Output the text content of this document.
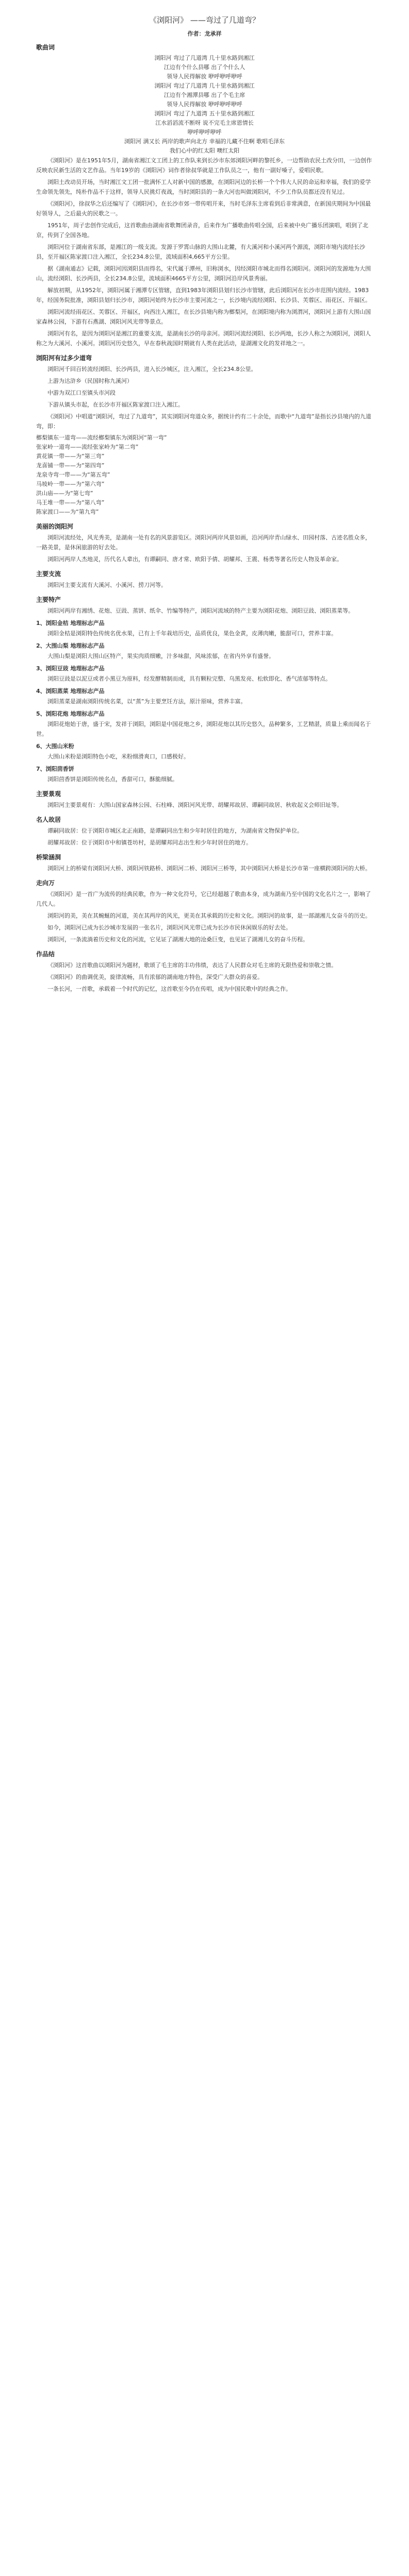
《浏阳河》 ——弯过了几道弯？
作者：龙承祥
歌曲词

浏阳河 弯过了几道湾 几十里水路到湘江

江边有个什么县哪 出了个什么人

领导人民得解放 咿呼咿呼咿呼

浏阳河 弯过了几道湾 几十里水路到湘江

江边有个湘潭县哪 出了个毛主席

领导人民得解放 咿呼咿呼咿呼

浏阳河 弯过了九道湾 五十里水路到湘江

江水滔滔流不断呀 说不完毛主席恩情长

咿呼咿呼咿呼

浏阳河 满又长 两岸的歌声向北方 幸福的儿藏不住啊 歌唱毛泽东

我们心中的红太阳 噢红太阳

《浏阳河》是在1951年5月，湖南省湘江文工团上的工作队来到长沙市东郊浏阳河畔的黎托乡，一边帮助农民土改分田，一边创作反映农民新生活的文艺作品。当年19岁的《浏阳河》词作者徐叔华就是工作队员之一，他有一副好嗓子，爱唱民歌。

浏阳土改动员开场，当时湘江文工团一批满怀工人对新中国的感激，在浏阳河边的长桥一个个伟大人民的命运和幸福，我们的爱学生命领先领先，纯朴作品不于这样，领导人民挑灯夜战，当时浏阳县的一条大河也叫做浏阳河，不少工作队员都还没有见过。

《浏阳河》，徐叔华之后还编写了《浏阳河》，在长沙市郊一带传唱开来，当时毛泽东主席看到后非常满意，在新国庆期间为中国最好领导人，之后最火的民歌之一。

1951年，周子忠创作完成后，这首歌曲由湖南省歌舞团录音，后来作为广播歌曲传唱全国，后来被中央广播乐团演唱，唱到了北京，传到了全国各地。

浏阳河位于湖南省东部，是湘江的一级支流。发源于罗霄山脉的大围山北麓，有大溪河和小溪河两个源流，浏阳市境内流经长沙县，至开福区陈家渡口注入湘江，全长234.8公里，流域面积4,665平方公里。

据《湖南通志》记载，浏阳河因浏阳县而得名，宋代属于潭州，旧称浏水，因经浏阳市城北而得名浏阳河。浏阳河的发源地为大围山，流经浏阳、长沙两县，全长234.8公里，流域面积4665平方公里，浏阳河沿岸风景秀丽。

解放初期，从1952年，浏阳河属于湘潭专区管辖，直到1983年浏阳县划归长沙市管辖，此后浏阳河在长沙市范围内流经。1983年，经国务院批准，浏阳县划归长沙市，浏阳河始终为长沙市主要河流之一，长沙境内流经浏阳、长沙县、芙蓉区、雨花区、开福区。

浏阳河流经雨花区、芙蓉区、开福区，向西注入湘江，在长沙县境内称为榔梨河，在浏阳境内称为浏渭河，浏阳河上游有大围山国家森林公园，下游有石燕湖、浏阳河风光带等景点。

浏阳河有名，是因为浏阳河是湘江的重要支流，是湖南长沙的母亲河。浏阳河流经浏阳、长沙两地，长沙人称之为浏阳河，浏阳人称之为大溪河、小溪河。浏阳河历史悠久，早在春秋战国时期就有人类在此活动，是湖湘文化的发祥地之一。

浏阳河有过多少道弯

浏阳河千回百转流经浏阳、长沙两县，进入长沙城区，注入湘江，全长234.8公里。

上游为达浒乡（民国时称九溪河）

中游为双江口至镇头市河段

下游从镇头市起，在长沙市开福区陈家渡口注入湘江。

《浏阳河》中唱道“浏阳河，弯过了九道弯”，其实浏阳河弯道众多，据统计约有二十余处，而歌中“九道弯”是指长沙县境内的九道弯，即：

榔梨镇东一道弯——流经榔梨镇东为浏阳河“第一弯”

张家岭一道弯——流经张家岭为“第二弯”

黄花镇一带——为“第三弯”

龙喜铺一带——为“第四弯”

龙泉寺弯一带——为“第五弯”

马坡岭一带——为“第六弯”

洪山庙——为“第七弯”

马王堆一带——为“第八弯”

陈家渡口——为“第九弯”

美丽的浏阳河

浏阳河流经处，风光秀美，是湖南一处有名的风景游览区。浏阳河两岸风景如画，沿河两岸青山绿水、田园村落、古迹名胜众多，一路美景，是休闲旅游的好去处。

浏阳河两岸人杰地灵，历代名人辈出，有谭嗣同、唐才常、欧阳予倩、胡耀邦、王震、杨勇等著名历史人物及革命家。

主要支流

浏阳河主要支流有大溪河、小溪河、捞刀河等。

主要特产

浏阳河两岸有湘绣、花炮、豆豉、蒸饼、纸伞、竹编等特产，浏阳河流域的特产主要为浏阳花炮、浏阳豆豉、浏阳蒸菜等。

1、浏阳金桔 地理标志产品

浏阳金桔是浏阳特色传统名优水果，已有上千年栽培历史，品质优良，果色金黄，皮薄肉嫩，脆甜可口，营养丰富。

2、大围山梨 地理标志产品

大围山梨是浏阳大围山区特产，果实肉质细嫩，汁多味甜，风味浓郁，在省内外享有盛誉。

3、浏阳豆豉 地理标志产品

浏阳豆豉是以泥豆或者小黑豆为原料，经发酵精制而成，具有颗粒完整、乌黑发亮、松软即化、香气浓郁等特点。

4、浏阳蒸菜 地理标志产品

浏阳蒸菜是湖南浏阳传统名菜，以“蒸”为主要烹饪方法，原汁原味，营养丰富。

5、浏阳花炮 地理标志产品

浏阳花炮始于唐，盛于宋，发祥于浏阳，浏阳是中国花炮之乡，浏阳花炮以其历史悠久，品种繁多，工艺精湛，质量上乘而闻名于世。

6、大围山米粉

大围山米粉是浏阳特色小吃，米粉细滑爽口，口感极好。

7、浏阳茴香饼

浏阳茴香饼是浏阳传统名点，香甜可口，酥脆细腻。

主要景观

浏阳河主要景观有：大围山国家森林公园、石柱峰、浏阳河风光带、胡耀邦故居、谭嗣同故居、秋收起义会师旧址等。

名人故居

谭嗣同故居：位于浏阳市城区北正南路，是谭嗣同出生和少年时居住的地方，为湖南省文物保护单位。

胡耀邦故居：位于浏阳市中和镇苍坊村，是胡耀邦同志出生和少年时居住的地方。

桥梁涵洞

浏阳河上的桥梁有浏阳河大桥、浏阳河铁路桥、浏阳河二桥、浏阳河三桥等，其中浏阳河大桥是长沙市第一座横跨浏阳河的大桥。

走向万

《浏阳河》是一首广为流传的经典民歌，作为一种文化符号，它已经超越了歌曲本身，成为湖南乃至中国的文化名片之一，影响了几代人。

浏阳河的美，美在其蜿蜒的河道，美在其两岸的风光，更美在其承载的历史和文化。浏阳河的故事，是一部湖湘儿女奋斗的历史。

如今，浏阳河已成为长沙城市发展的一张名片，浏阳河风光带已成为长沙市民休闲娱乐的好去处。

浏阳河，一条流淌着历史和文化的河流，它见证了湖湘大地的沧桑巨变，也见证了湖湘儿女的奋斗历程。

作品结

《浏阳河》这首歌曲以浏阳河为题材，歌颂了毛主席的丰功伟绩，表达了人民群众对毛主席的无限热爱和崇敬之情。

《浏阳河》的曲调优美，旋律流畅，具有浓郁的湖南地方特色，深受广大群众的喜爱。

一条长河，一首歌，承载着一个时代的记忆，这首歌至今仍在传唱，成为中国民歌中的经典之作。
